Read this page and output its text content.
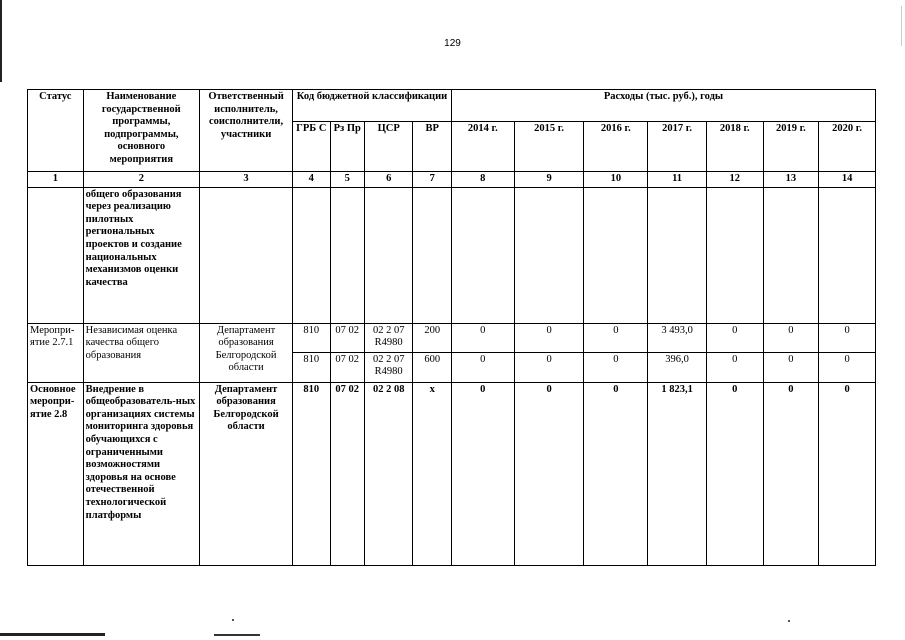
129
Статус	Наименование государственной программы, подпрограммы, основного мероприятия	Ответственный исполнитель, соисполнители, участники	Код бюджетной классификации				Расходы (тыс. руб.), годы						
			ГРБ С	Рз Пр	ЦСР	ВР	2014 г.	2015 г.	2016 г.	2017 г.	2018 г.	2019 г.	2020 г.
1	2	3	4	5	6	7	8	9	10	11	12	13	14
	общего образования через реализацию пилотных региональных проектов и создание национальных механизмов оценки качества												
Меропри-ятие 2.7.1	Независимая оценка качества общего образования	Департамент образования Белгородской области	810	07 02	02 2 07 R4980	200	0	0	0	3 493,0	0	0	0
			810	07 02	02 2 07 R4980	600	0	0	0	396,0	0	0	0
Основное меропри-ятие 2.8	Внедрение в общеобразователь-ных организациях системы мониторинга здоровья обучающихся с ограниченными возможностями здоровья на основе отечественной технологической платформы	Департамент образования Белгородской области	810	07 02	02 2 08	х	0	0	0	1 823,1	0	0	0
